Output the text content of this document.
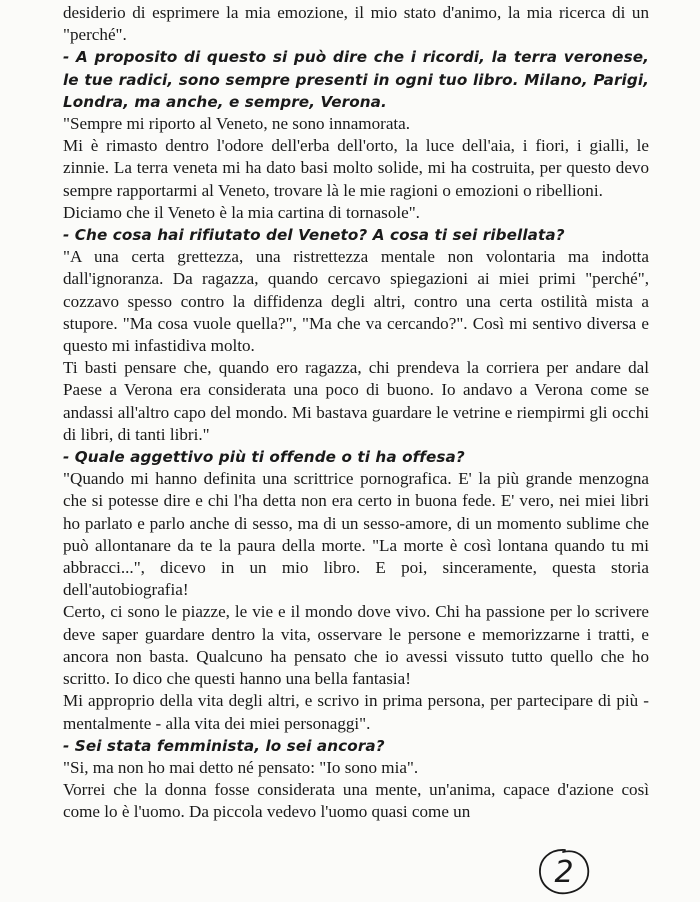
desiderio di esprimere la mia emozione, il mio stato d'animo, la mia ricerca di un "perché".

- A proposito di questo si può dire che i ricordi, la terra veronese, le tue radici, sono sempre presenti in ogni tuo libro. Milano, Parigi, Londra, ma anche, e sempre, Verona.

"Sempre mi riporto al Veneto, ne sono innamorata.

Mi è rimasto dentro l'odore dell'erba dell'orto, la luce dell'aia, i fiori, i gialli, le zinnie. La terra veneta mi ha dato basi molto solide, mi ha costruita, per questo devo sempre rapportarmi al Veneto, trovare là le mie ragioni o emozioni o ribellioni.

Diciamo che il Veneto è la mia cartina di tornasole".

- Che cosa hai rifiutato del Veneto? A cosa ti sei ribellata?

"A una certa grettezza, una ristrettezza mentale non volontaria ma indotta dall'ignoranza. Da ragazza, quando cercavo spiegazioni ai miei primi "perché", cozzavo spesso contro la diffidenza degli altri, contro una certa ostilità mista a stupore. "Ma cosa vuole quella?", "Ma che va cercando?". Così mi sentivo diversa e questo mi infastidiva molto.

Ti basti pensare che, quando ero ragazza, chi prendeva la corriera per andare dal Paese a Verona era considerata una poco di buono. Io andavo a Verona come se andassi all'altro capo del mondo. Mi bastava guardare le vetrine e riempirmi gli occhi di libri, di tanti libri."

- Quale aggettivo più ti offende o ti ha offesa?

"Quando mi hanno definita una scrittrice pornografica. E' la più grande menzogna che si potesse dire e chi l'ha detta non era certo in buona fede. E' vero, nei miei libri ho parlato e parlo anche di sesso, ma di un sesso-amore, di un momento sublime che può allontanare da te la paura della morte. "La morte è così lontana quando tu mi abbracci...", dicevo in un mio libro. E poi, sinceramente, questa storia dell'autobiografia!

Certo, ci sono le piazze, le vie e il mondo dove vivo. Chi ha passione per lo scrivere deve saper guardare dentro la vita, osservare le persone e memorizzarne i tratti, e ancora non basta. Qualcuno ha pensato che io avessi vissuto tutto quello che ho scritto. Io dico che questi hanno una bella fantasia!

Mi approprio della vita degli altri, e scrivo in prima persona, per partecipare di più - mentalmente - alla vita dei miei personaggi".

- Sei stata femminista, lo sei ancora?

"Si, ma non ho mai detto né pensato: "Io sono mia".

Vorrei che la donna fosse considerata una mente, un'anima, capace d'azione così come lo è l'uomo. Da piccola vedevo l'uomo quasi come un

2
